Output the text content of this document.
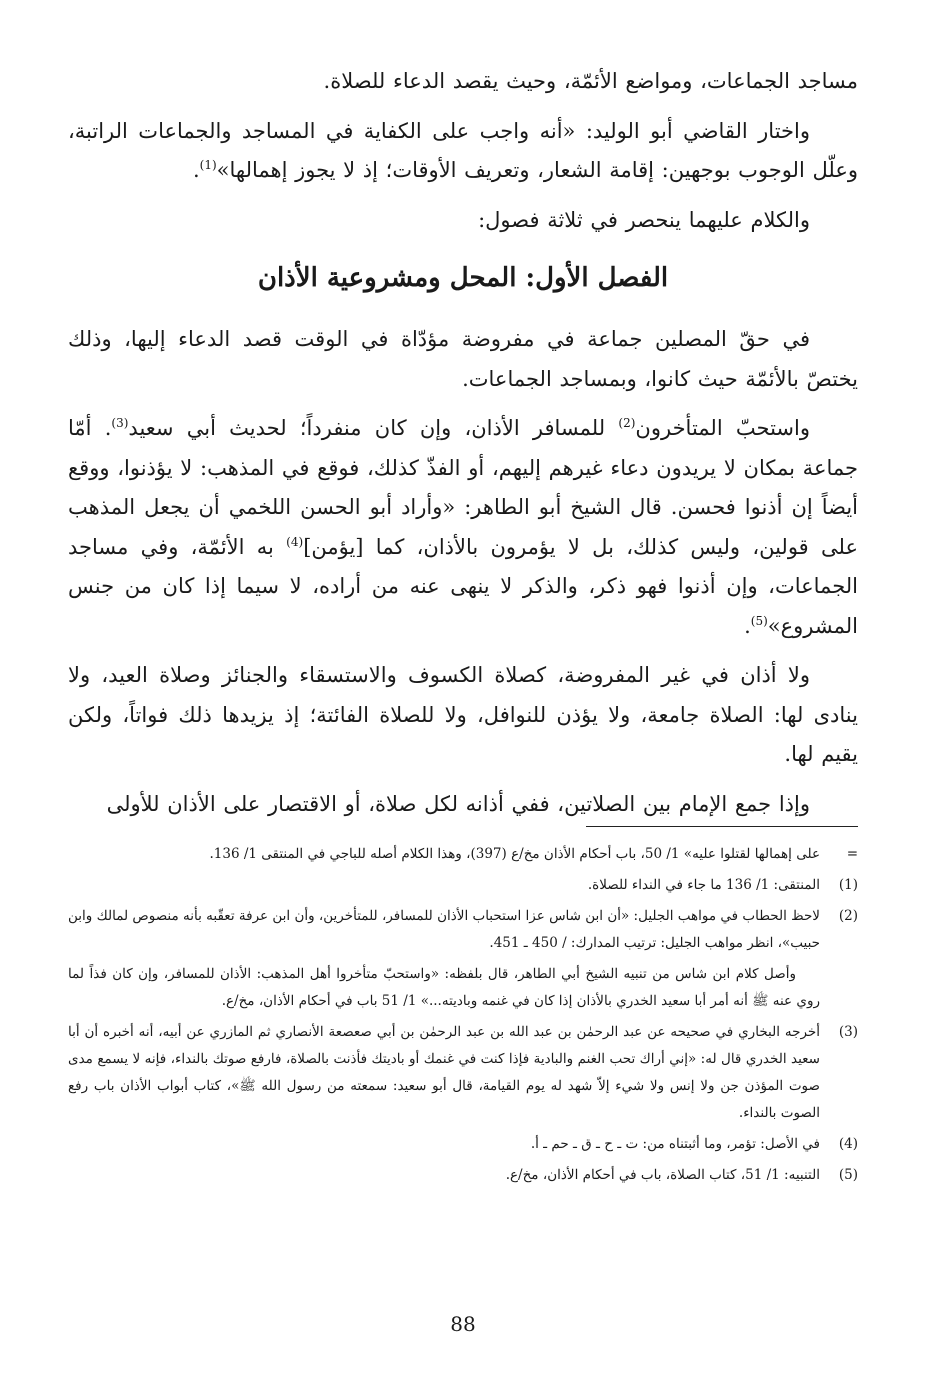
مساجد الجماعات، ومواضع الأئمّة، وحيث يقصد الدعاء للصلاة.

واختار القاضي أبو الوليد: «أنه واجب على الكفاية في المساجد والجماعات الراتبة، وعلّل الوجوب بوجهين: إقامة الشعار، وتعريف الأوقات؛ إذ لا يجوز إهمالها»$^{(1)}$.

والكلام عليهما ينحصر في ثلاثة فصول:

الفصل الأول: المحل ومشروعية الأذان

في حقّ المصلين جماعة في مفروضة مؤدّاة في الوقت قصد الدعاء إليها، وذلك يختصّ بالأئمّة حيث كانوا، وبمساجد الجماعات.

واستحبّ المتأخرون$^{(2)}$ للمسافر الأذان، وإن كان منفرداً؛ لحديث أبي سعيد$^{(3)}$. أمّا جماعة بمكان لا يريدون دعاء غيرهم إليهم، أو الفذّ كذلك، فوقع في المذهب: لا يؤذنوا، ووقع أيضاً إن أذنوا فحسن. قال الشيخ أبو الطاهر: «وأراد أبو الحسن اللخمي أن يجعل المذهب على قولين، وليس كذلك، بل لا يؤمرون بالأذان، كما [يؤمن]$^{(4)}$ به الأئمّة، وفي مساجد الجماعات، وإن أذنوا فهو ذكر، والذكر لا ينهى عنه من أراده، لا سيما إذا كان من جنس المشروع»$^{(5)}$.

ولا أذان في غير المفروضة، كصلاة الكسوف والاستسقاء والجنائز وصلاة العيد، ولا ينادى لها: الصلاة جامعة، ولا يؤذن للنوافل، ولا للصلاة الفائتة؛ إذ يزيدها ذلك فواتاً، ولكن يقيم لها.

وإذا جمع الإمام بين الصلاتين، ففي أذانه لكل صلاة، أو الاقتصار على الأذان للأولى

=
على إهمالها لقتلوا عليه» 1/ 50، باب أحكام الأذان مخ/ع (397)، وهذا الكلام أصله للباجي في المنتقى 1/ 136.
(1)
المنتقى: 1/ 136 ما جاء في النداء للصلاة.
(2)
لاحظ الحطاب في مواهب الجليل: «أن ابن شاس عزا استحباب الأذان للمسافر، للمتأخرين، وأن ابن عرفة تعقّبه بأنه منصوص لمالك وابن حبيب»، انظر مواهب الجليل: ترتيب المدارك: / 450 ـ 451.
وأصل كلام ابن شاس من تنبيه الشيخ أبي الطاهر، قال بلفظه: «واستحبّ متأخروا أهل المذهب: الأذان للمسافر، وإن كان فذاً لما روي عنه ﷺ أنه أمر أبا سعيد الخدري بالأذان إذا كان في غنمه وباديته...» 1/ 51 باب في أحكام الأذان، مخ/ع.
(3)
أخرجه البخاري في صحيحه عن عبد الرحمٰن بن عبد الله بن عبد الرحمٰن بن أبي صعصعة الأنصاري ثم المازري عن أبيه، أنه أخبره أن أبا سعيد الخدري قال له: «إني أراك تحب الغنم والبادية فإذا كنت في غنمك أو باديتك فأذنت بالصلاة، فارفع صوتك بالنداء، فإنه لا يسمع مدى صوت المؤذن جن ولا إنس ولا شيء إلاّ شهد له يوم القيامة، قال أبو سعيد: سمعته من رسول الله ﷺ»، كتاب أبواب الأذان باب رفع الصوت بالنداء.
(4)
في الأصل: تؤمر، وما أثبتناه من: ت ـ ح ـ ق ـ حم ـ أ.
(5)
التنبيه: 1/ 51، كتاب الصلاة، باب في أحكام الأذان، مخ/ع.
88
